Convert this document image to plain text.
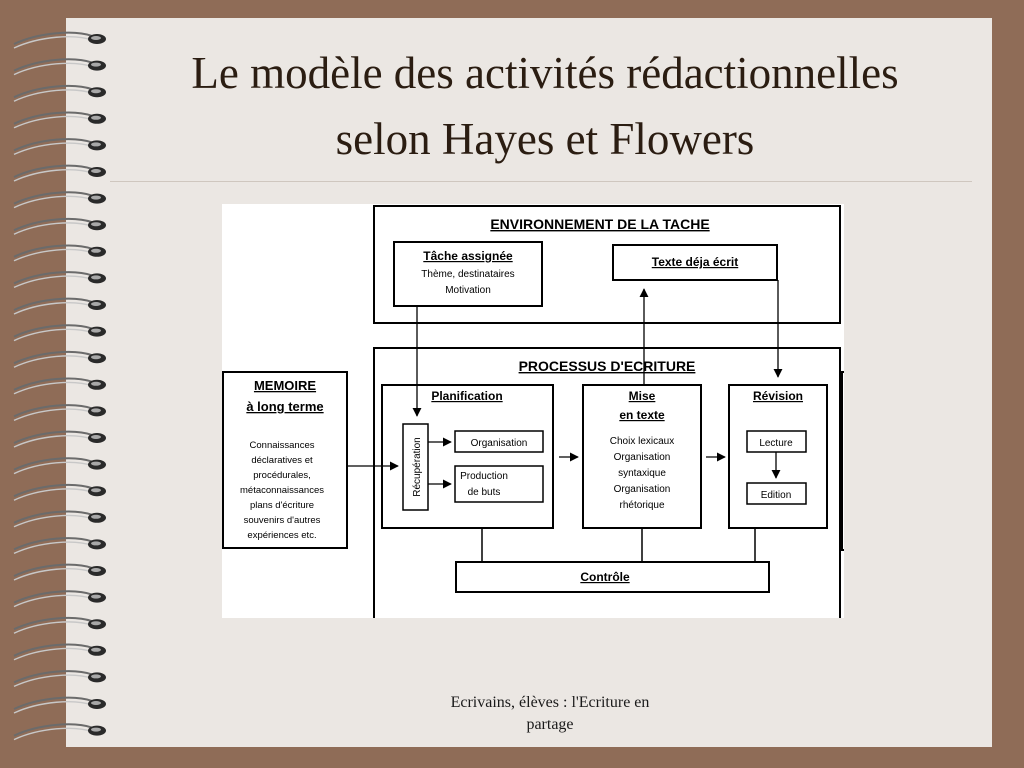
Le modèle des activités rédactionnelles
selon Hayes et Flowers
ENVIRONNEMENT DE LA TACHE
Tâche assignée
Thème, destinataires
Motivation
Texte déja écrit
PROCESSUS D'ECRITURE
Planification
Récupération	Organisation
Production
de buts
Mise
en texte
Choix lexicaux
Organisation
syntaxique
Organisation
rhétorique
Révision
Lecture
Edition
Contrôle
MEMOIRE
à long terme
Connaissances
déclaratives et
procédurales,
métaconnaissances
plans d'écriture
souvenirs d'autres
expériences etc.
Ecrivains, élèves : l'Ecriture en
partage
